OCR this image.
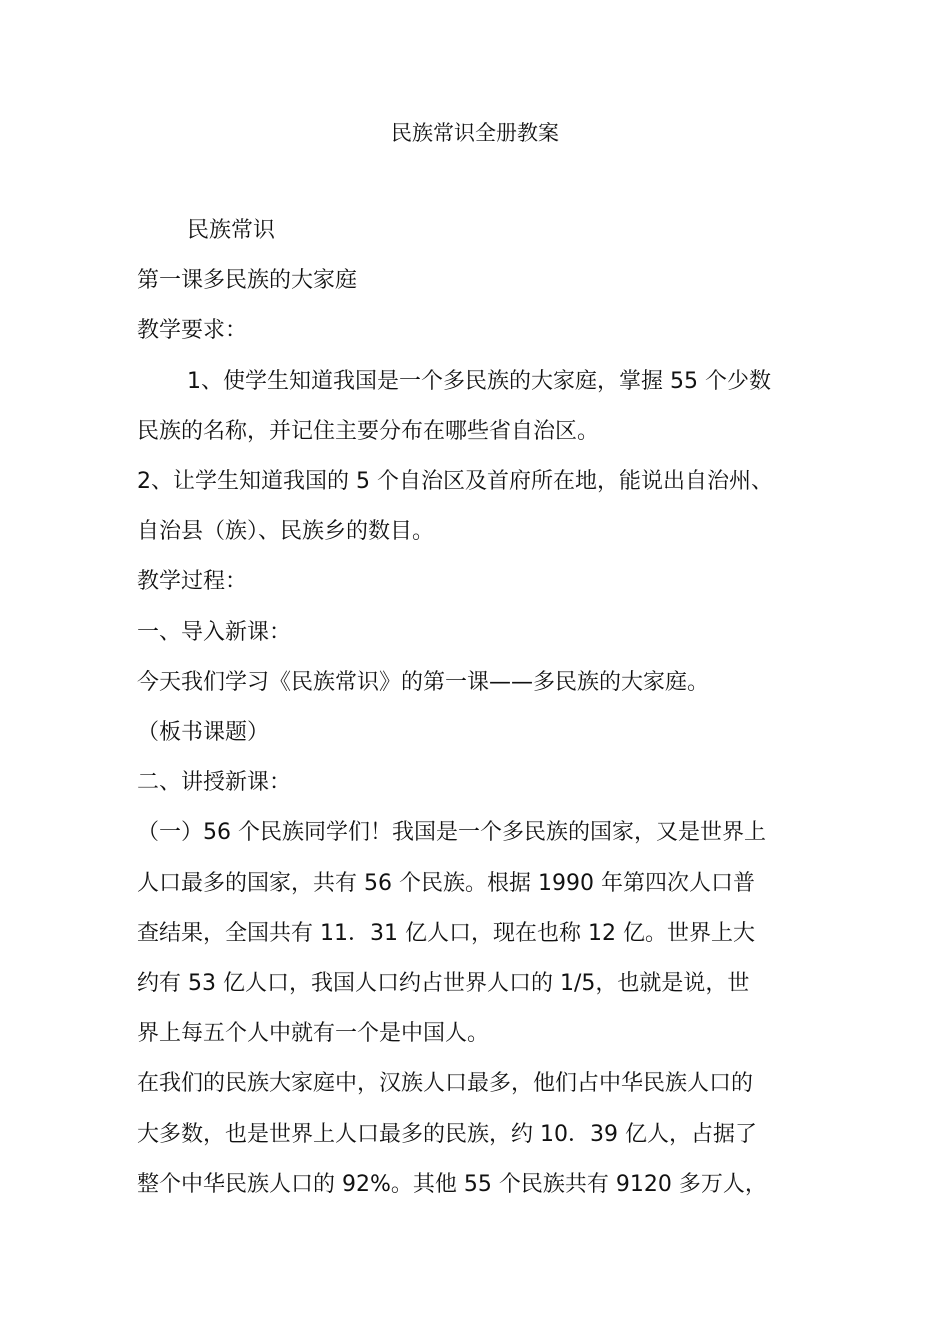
民族常识全册教案

民族常识

第一课多民族的大家庭

教学要求：

1、使学生知道我国是一个多民族的大家庭，掌握 55 个少数

民族的名称，并记住主要分布在哪些省自治区。

2、让学生知道我国的 5 个自治区及首府所在地，能说出自治州、

自治县（族）、民族乡的数目。

教学过程：

一、导入新课：

今天我们学习《民族常识》的第一课——多民族的大家庭。

（板书课题）

二、讲授新课：

（一）56 个民族同学们！我国是一个多民族的国家，又是世界上

人口最多的国家，共有 56 个民族。根据 1990 年第四次人口普

查结果，全国共有 11．31 亿人口，现在也称 12 亿。世界上大

约有 53 亿人口，我国人口约占世界人口的 1/5，也就是说，世

界上每五个人中就有一个是中国人。

在我们的民族大家庭中，汉族人口最多，他们占中华民族人口的

大多数，也是世界上人口最多的民族，约 10．39 亿人，占据了

整个中华民族人口的 92%。其他 55 个民族共有 9120 多万人，
